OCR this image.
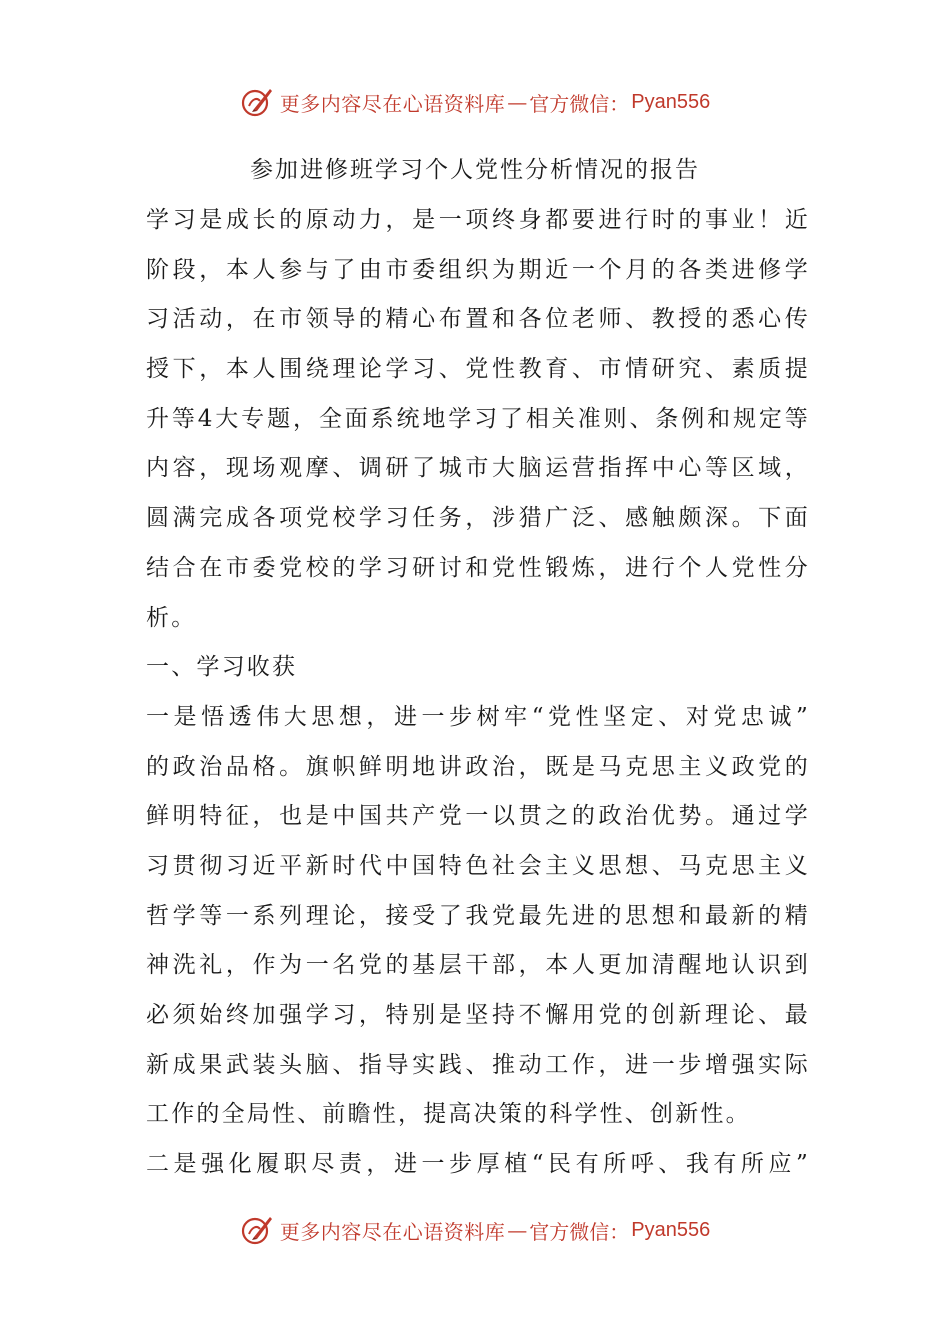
更多内容尽在心语资料库 — 官方微信： Pyan556
参加进修班学习个人党性分析情况的报告
学习是成长的原动力，是一项终身都要进行时的事业！近
阶段，本人参与了由市委组织为期近一个月的各类进修学
习活动，在市领导的精心布置和各位老师、教授的悉心传
授下，本人围绕理论学习、党性教育、市情研究、素质提
升等4大专题，全面系统地学习了相关准则、条例和规定等
内容，现场观摩、调研了城市大脑运营指挥中心等区域，
圆满完成各项党校学习任务，涉猎广泛、感触颇深。下面
结合在市委党校的学习研讨和党性锻炼，进行个人党性分
析。
一、学习收获
一是悟透伟大思想，进一步树牢“党性坚定、对党忠诚”
的政治品格。旗帜鲜明地讲政治，既是马克思主义政党的
鲜明特征，也是中国共产党一以贯之的政治优势。通过学
习贯彻习近平新时代中国特色社会主义思想、马克思主义
哲学等一系列理论，接受了我党最先进的思想和最新的精
神洗礼，作为一名党的基层干部，本人更加清醒地认识到
必须始终加强学习，特别是坚持不懈用党的创新理论、最
新成果武装头脑、指导实践、推动工作，进一步增强实际
工作的全局性、前瞻性，提高决策的科学性、创新性。
二是强化履职尽责，进一步厚植“民有所呼、我有所应”
更多内容尽在心语资料库 — 官方微信： Pyan556
